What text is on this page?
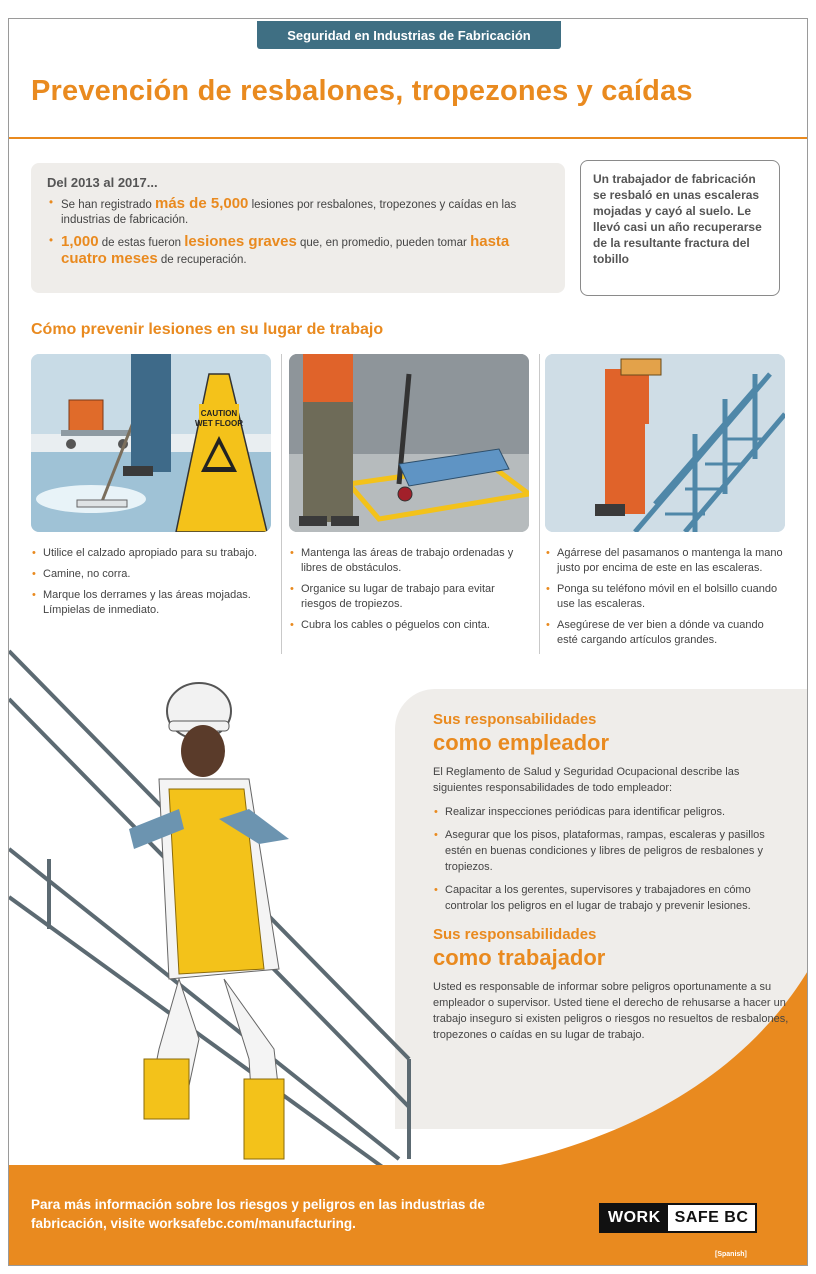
Seguridad en Industrias de Fabricación
Prevención de resbalones, tropezones y caídas
Del 2013 al 2017...
• Se han registrado más de 5,000 lesiones por resbalones, tropezones y caídas en las industrias de fabricación.
• 1,000 de estas fueron lesiones graves que, en promedio, pueden tomar hasta cuatro meses de recuperación.
Un trabajador de fabricación se resbaló en unas escaleras mojadas y cayó al suelo. Le llevó casi un año recuperarse de la resultante fractura del tobillo
Cómo prevenir lesiones en su lugar de trabajo
CAUTION
WET FLOOR
• Utilice el calzado apropiado para su trabajo.
• Camine, no corra.
• Marque los derrames y las áreas mojadas. Límpielas de inmediato.
• Mantenga las áreas de trabajo ordenadas y libres de obstáculos.
• Organice su lugar de trabajo para evitar riesgos de tropiezos.
• Cubra los cables o péguelos con cinta.
• Agárrese del pasamanos o mantenga la mano justo por encima de este en las escaleras.
• Ponga su teléfono móvil en el bolsillo cuando use las escaleras.
• Asegúrese de ver bien a dónde va cuando esté cargando artículos grandes.
Sus responsabilidades
como empleador
El Reglamento de Salud y Seguridad Ocupacional describe las siguientes responsabilidades de todo empleador:
• Realizar inspecciones periódicas para identificar peligros.
• Asegurar que los pisos, plataformas, rampas, escaleras y pasillos estén en buenas condiciones y libres de peligros de resbalones y tropiezos.
• Capacitar a los gerentes, supervisores y trabajadores en cómo controlar los peligros en el lugar de trabajo y prevenir lesiones.
Sus responsabilidades
como trabajador
Usted es responsable de informar sobre peligros oportunamente a su empleador o supervisor. Usted tiene el derecho de rehusarse a hacer un trabajo inseguro si existen peligros o riesgos no resueltos de resbalones, tropezones o caídas en su lugar de trabajo.
Para más información sobre los riesgos y peligros en las industrias de fabricación, visite worksafebc.com/manufacturing.	WORK SAFE BC
[Spanish]
